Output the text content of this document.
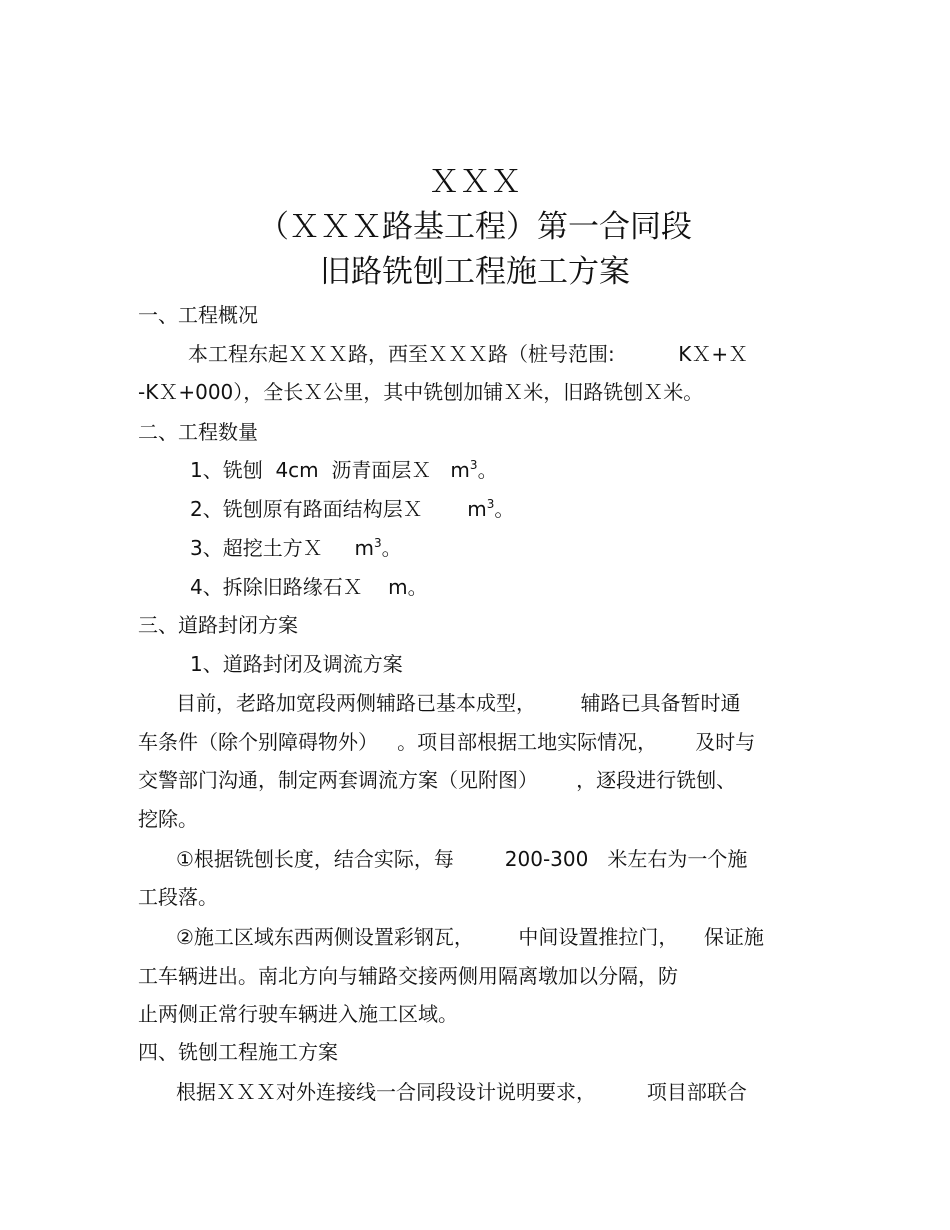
ＸＸＸ
（ＸＸＸ路基工程）第一合同段
旧路铣刨工程施工方案
一、工程概况
本工程东起ＸＸＸ路，西至ＸＸＸ路（桩号范围:          KＸ+Ｘ
-KＸ+000），全长Ｘ公里，其中铣刨加铺Ｘ米，旧路铣刨Ｘ米。
二、工程数量
1、铣刨  4cm  沥青面层Ｘ   $m^3$。
2、铣刨原有路面结构层Ｘ       $m^3$。
3、超挖土方Ｘ     $m^3$。
4、拆除旧路缘石Ｘ    m。
三、道路封闭方案
1、道路封闭及调流方案
目前，老路加宽段两侧辅路已基本成型，       辅路已具备暂时通
车条件（除个别障碍物外）   。项目部根据工地实际情况，      及时与
交警部门沟通，制定两套调流方案（见附图）      ，逐段进行铣刨、
挖除。
①根据铣刨长度，结合实际，每        200-300   米左右为一个施
工段落。
②施工区域东西两侧设置彩钢瓦，       中间设置推拉门，    保证施
工车辆进出。南北方向与辅路交接两侧用隔离墩加以分隔，防
止两侧正常行驶车辆进入施工区域。
四、铣刨工程施工方案
根据ＸＸＸ对外连接线一合同段设计说明要求，        项目部联合
